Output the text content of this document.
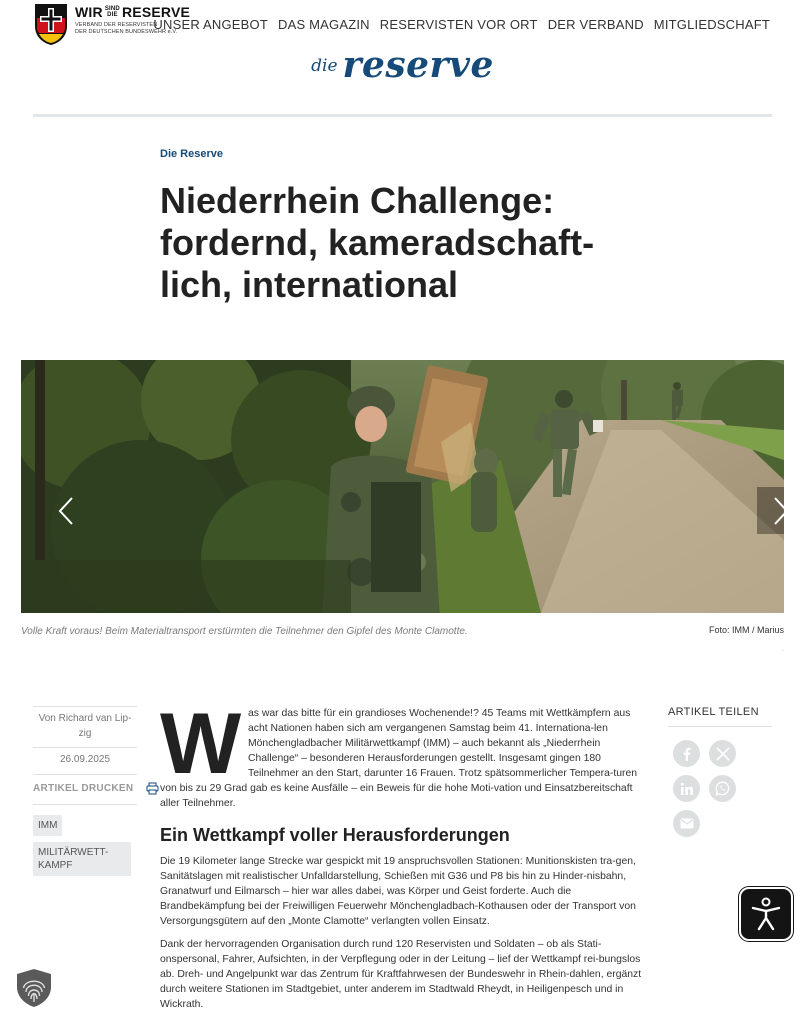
WIR SIND
DIE RESERVE
VERBAND DER RESERVISTEN
DER DEUTSCHEN BUNDESWEHR e.V.
UNSER ANGEBOT DAS MAGAZIN RESERVISTEN VOR ORT DER VERBAND MITGLIEDSCHAFT
die reserve
Die Reserve
Niederrhein Challenge:
fordernd, kameradschaft-
lich, international
Volle Kraft voraus! Beim Materialtransport erstürmten die Teilnehmer den Gipfel des Monte Clamotte.	Foto: IMM / Marius
.
Von Richard van Lip-
zig
26.09.2025
ARTIKEL DRUCKEN
IMM
MILITÄRWETT-
KAMPF
W as war das bitte für ein grandioses Wochenende!? 45 Teams mit Wettkämpfern aus acht Nationen haben sich am vergangenen Samstag beim 41. Internationa-len Mönchengladbacher Militärwettkampf (IMM) – auch bekannt als „Niederrhein Challenge“ – besonderen Herausforderungen gestellt. Insgesamt gingen 180 Teilnehmer an den Start, darunter 16 Frauen. Trotz spätsommerlicher Tempera-turen von bis zu 29 Grad gab es keine Ausfälle – ein Beweis für die hohe Moti-vation und Einsatzbereitschaft aller Teilnehmer.

Ein Wettkampf voller Herausforderungen

Die 19 Kilometer lange Strecke war gespickt mit 19 anspruchsvollen Stationen: Munitionskisten tra-gen, Sanitätslagen mit realistischer Unfalldarstellung, Schießen mit G36 und P8 bis hin zu Hinder-nisbahn, Granatwurf und Eilmarsch – hier war alles dabei, was Körper und Geist forderte. Auch die Brandbekämpfung bei der Freiwilligen Feuerwehr Mönchengladbach-Kothausen oder der Transport von Versorgungsgütern auf den „Monte Clamotte“ verlangten vollen Einsatz.

Dank der hervorragenden Organisation durch rund 120 Reservisten und Soldaten – ob als Stati-onspersonal, Fahrer, Aufsichten, in der Verpflegung oder in der Leitung – lief der Wettkampf rei-bungslos ab. Dreh- und Angelpunkt war das Zentrum für Kraftfahrwesen der Bundeswehr in Rhein-dahlen, ergänzt durch weitere Stationen im Stadtgebiet, unter anderem im Stadtwald Rheydt, in Heiligenpesch und in Wickrath.

ARTIKEL TEILEN
